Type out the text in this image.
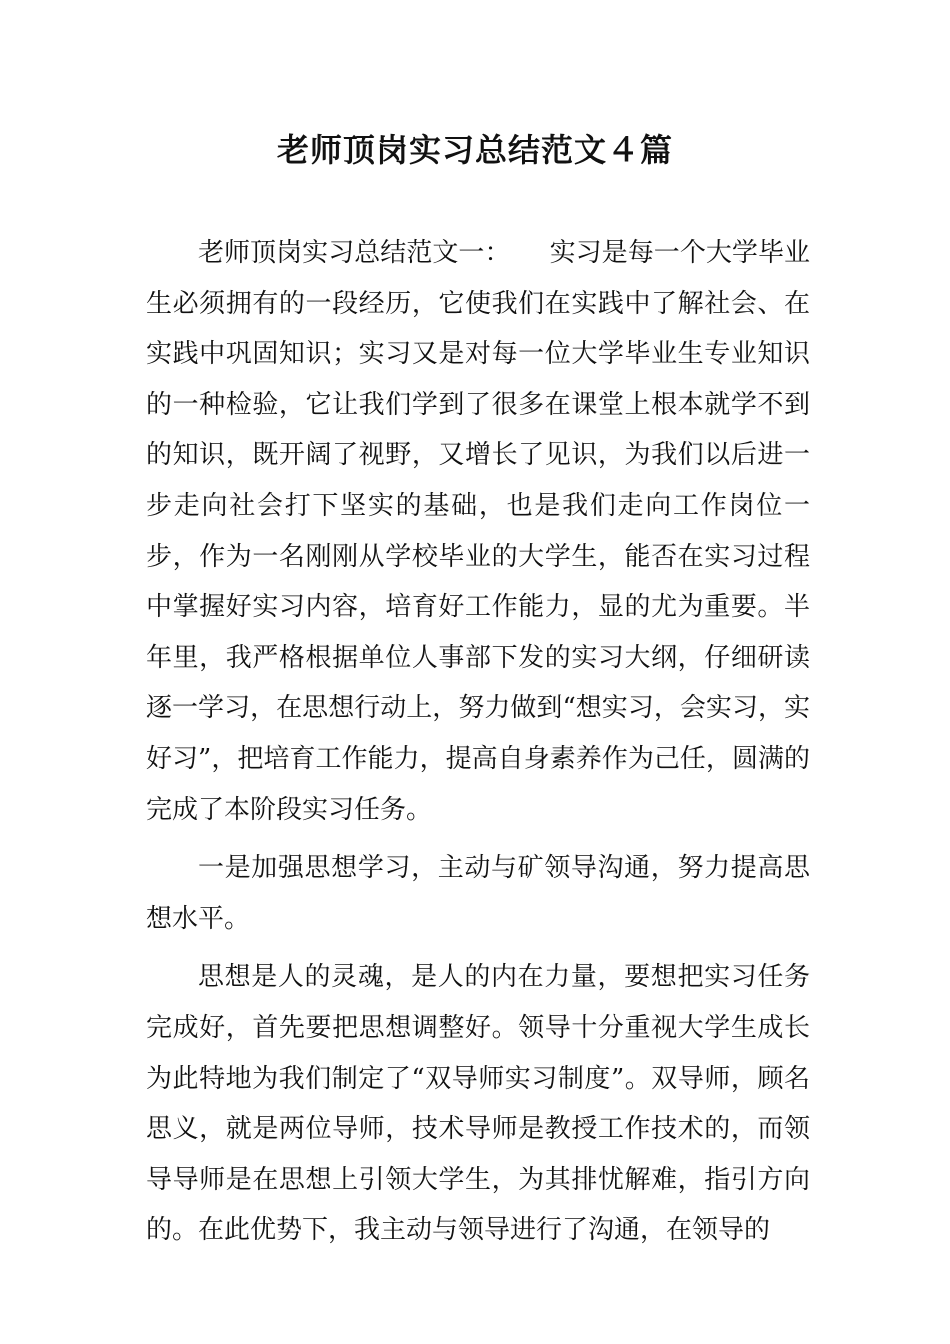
老师顶岗实习总结范文４篇

老师顶岗实习总结范文一：　　实习是每一个大学毕业生必须拥有的一段经历，它使我们在实践中了解社会、在实践中巩固知识；实习又是对每一位大学毕业生专业知识的一种检验，它让我们学到了很多在课堂上根本就学不到的知识，既开阔了视野，又增长了见识，为我们以后进一步走向社会打下坚实的基础，也是我们走向工作岗位一步，作为一名刚刚从学校毕业的大学生，能否在实习过程中掌握好实习内容，培育好工作能力，显的尤为重要。半年里，我严格根据单位人事部下发的实习大纲，仔细研读逐一学习，在思想行动上，努力做到“想实习，会实习，实好习”，把培育工作能力，提高自身素养作为己任，圆满的完成了本阶段实习任务。

一是加强思想学习，主动与矿领导沟通，努力提高思想水平。

思想是人的灵魂，是人的内在力量，要想把实习任务完成好，首先要把思想调整好。领导十分重视大学生成长为此特地为我们制定了“双导师实习制度”。双导师，顾名思义，就是两位导师，技术导师是教授工作技术的，而领导导师是在思想上引领大学生，为其排忧解难，指引方向的。在此优势下，我主动与领导进行了沟通，在领导的
